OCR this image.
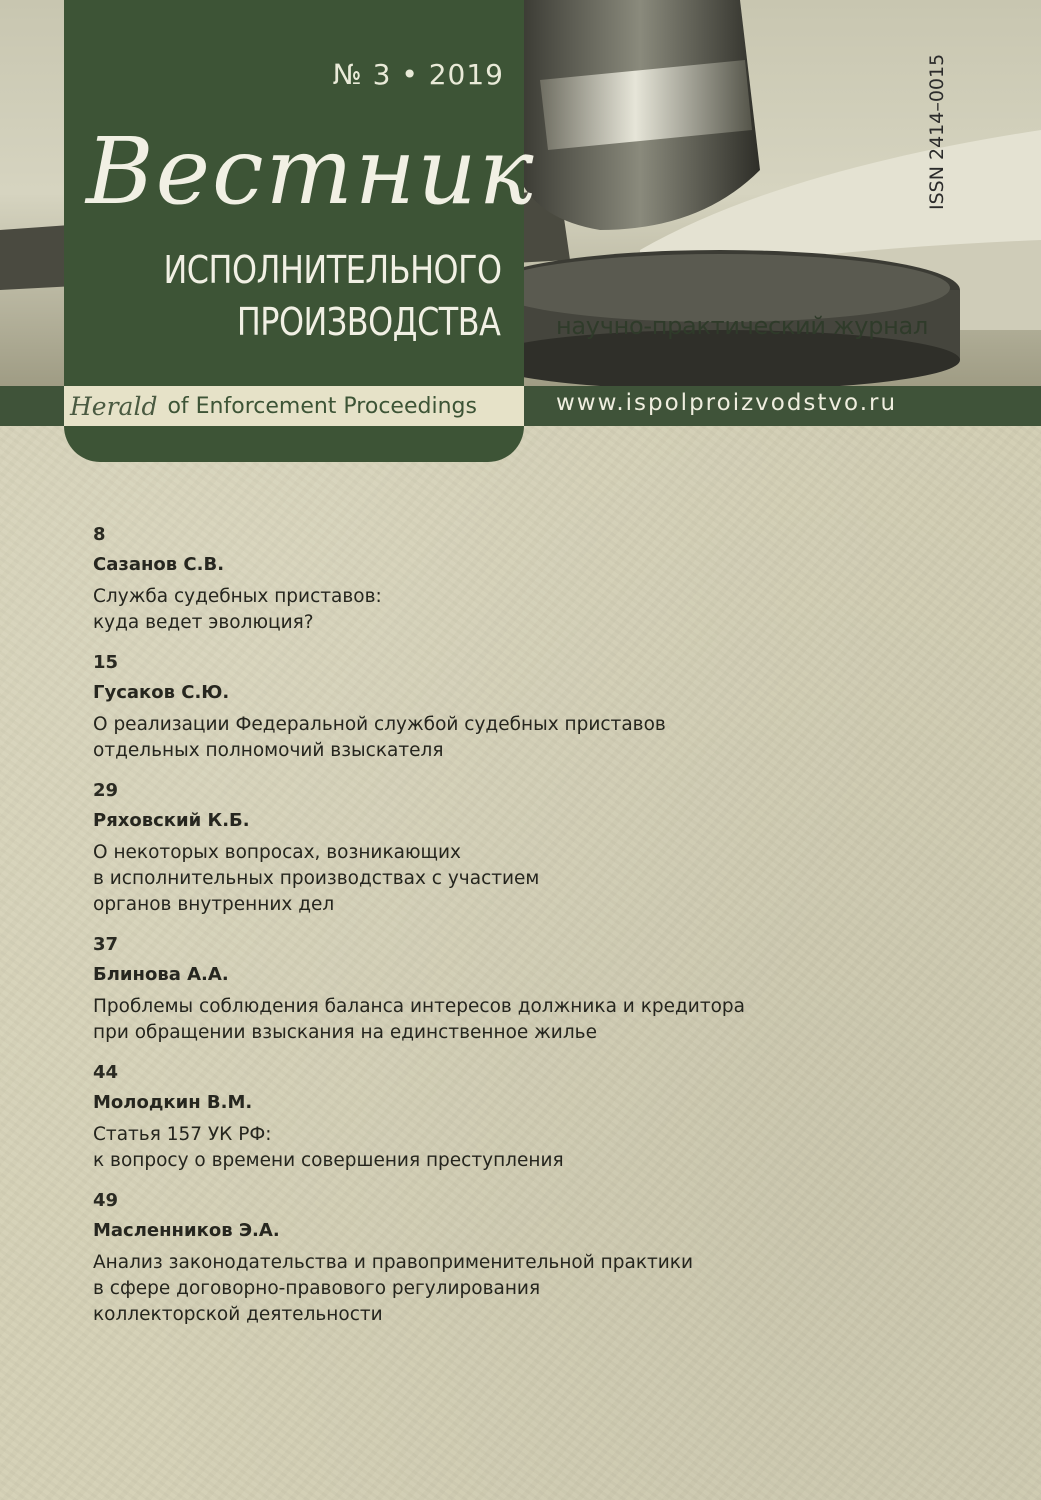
Herald of Enforcement Proceedings
№ 3 • 2019
Вестник
ИСПОЛНИТЕЛЬНОГО
ПРОИЗВОДСТВА научно-практический журнал
www.ispolproizvodstvo.ru
ISSN 2414–0015
8
Сазанов С.В.
Служба судебных приставов:
куда ведет эволюция?
15
Гусаков С.Ю.
О реализации Федеральной службой судебных приставов
отдельных полномочий взыскателя
29
Ряховский К.Б.
О некоторых вопросах, возникающих
в исполнительных производствах с участием
органов внутренних дел
37
Блинова А.А.
Проблемы соблюдения баланса интересов должника и кредитора
при обращении взыскания на единственное жилье
44
Молодкин В.М.
Статья 157 УК РФ:
к вопросу о времени совершения преступления
49
Масленников Э.А.
Анализ законодательства и правоприменительной практики
в сфере договорно-правового регулирования
коллекторской деятельности
